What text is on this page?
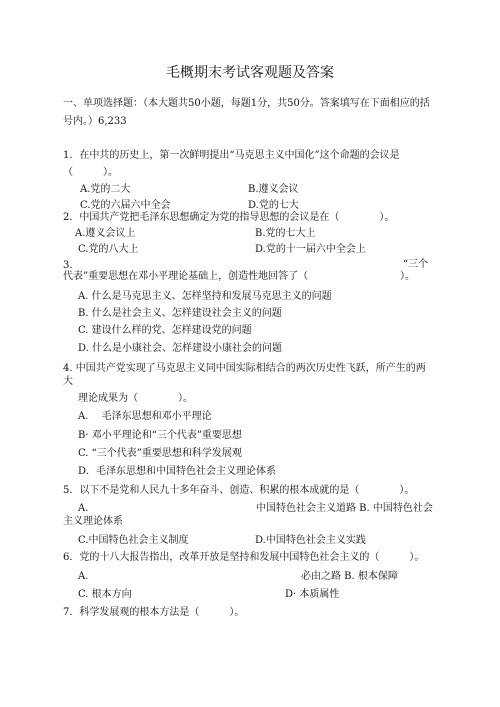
毛概期末考试客观题及答案
一、单项选择题：（本大题共50小题，每题1分，共50分。答案填写在下面相应的括
号内。）6,233
1．在中共的历史上，第一次鲜明提出“马克思主义中国化”这个命题的会议是
（　　　）。
A.党的二大	B.遵义会议
C.党的六届六中全会	D.党的七大
2．中国共产党把毛泽东思想确定为党的指导思想的会议是在（　　　　）。
A.遵义会议上	B.党的七大上
C.党的八大上	D.党的十一届六中全会上
3.	“三个
代表”重要思想在邓小平理论基础上，创造性地回答了（	）。
A. 什么是马克思主义、怎样坚持和发展马克思主义的问题
B. 什么是社会主义、怎样建设社会主义的问题
C. 建设什么样的党、怎样建设党的问题
D. 什么是小康社会、怎样建设小康社会的问题
4. 中国共产党实现了马克思主义同中国实际相结合的两次历史性飞跃，所产生的两
大
理论成果为（　　　　）。
A.　 毛泽东思想和邓小平理论
B· 邓小平理论和“三个代表”重要思想
C. “三个代表”重要思想和科学发展观
D．毛泽东思想和中国特色社会主义理论体系
5．以下不是党和人民九十多年奋斗、创造、积累的根本成就的是（　　　　）。
A.	中国特色社会主义道路 B. 中国特色社会
主义理论体系
C.中国特色社会主义制度	D.中国特色社会主义实践
6．党的十八大报告指出，改革开放是坚持和发展中国特色社会主义的（　　　）。
A.	必由之路 B. 根本保障
C. 根本方向	D· 本质属性
7．科学发展观的根本方法是（　　　）。
